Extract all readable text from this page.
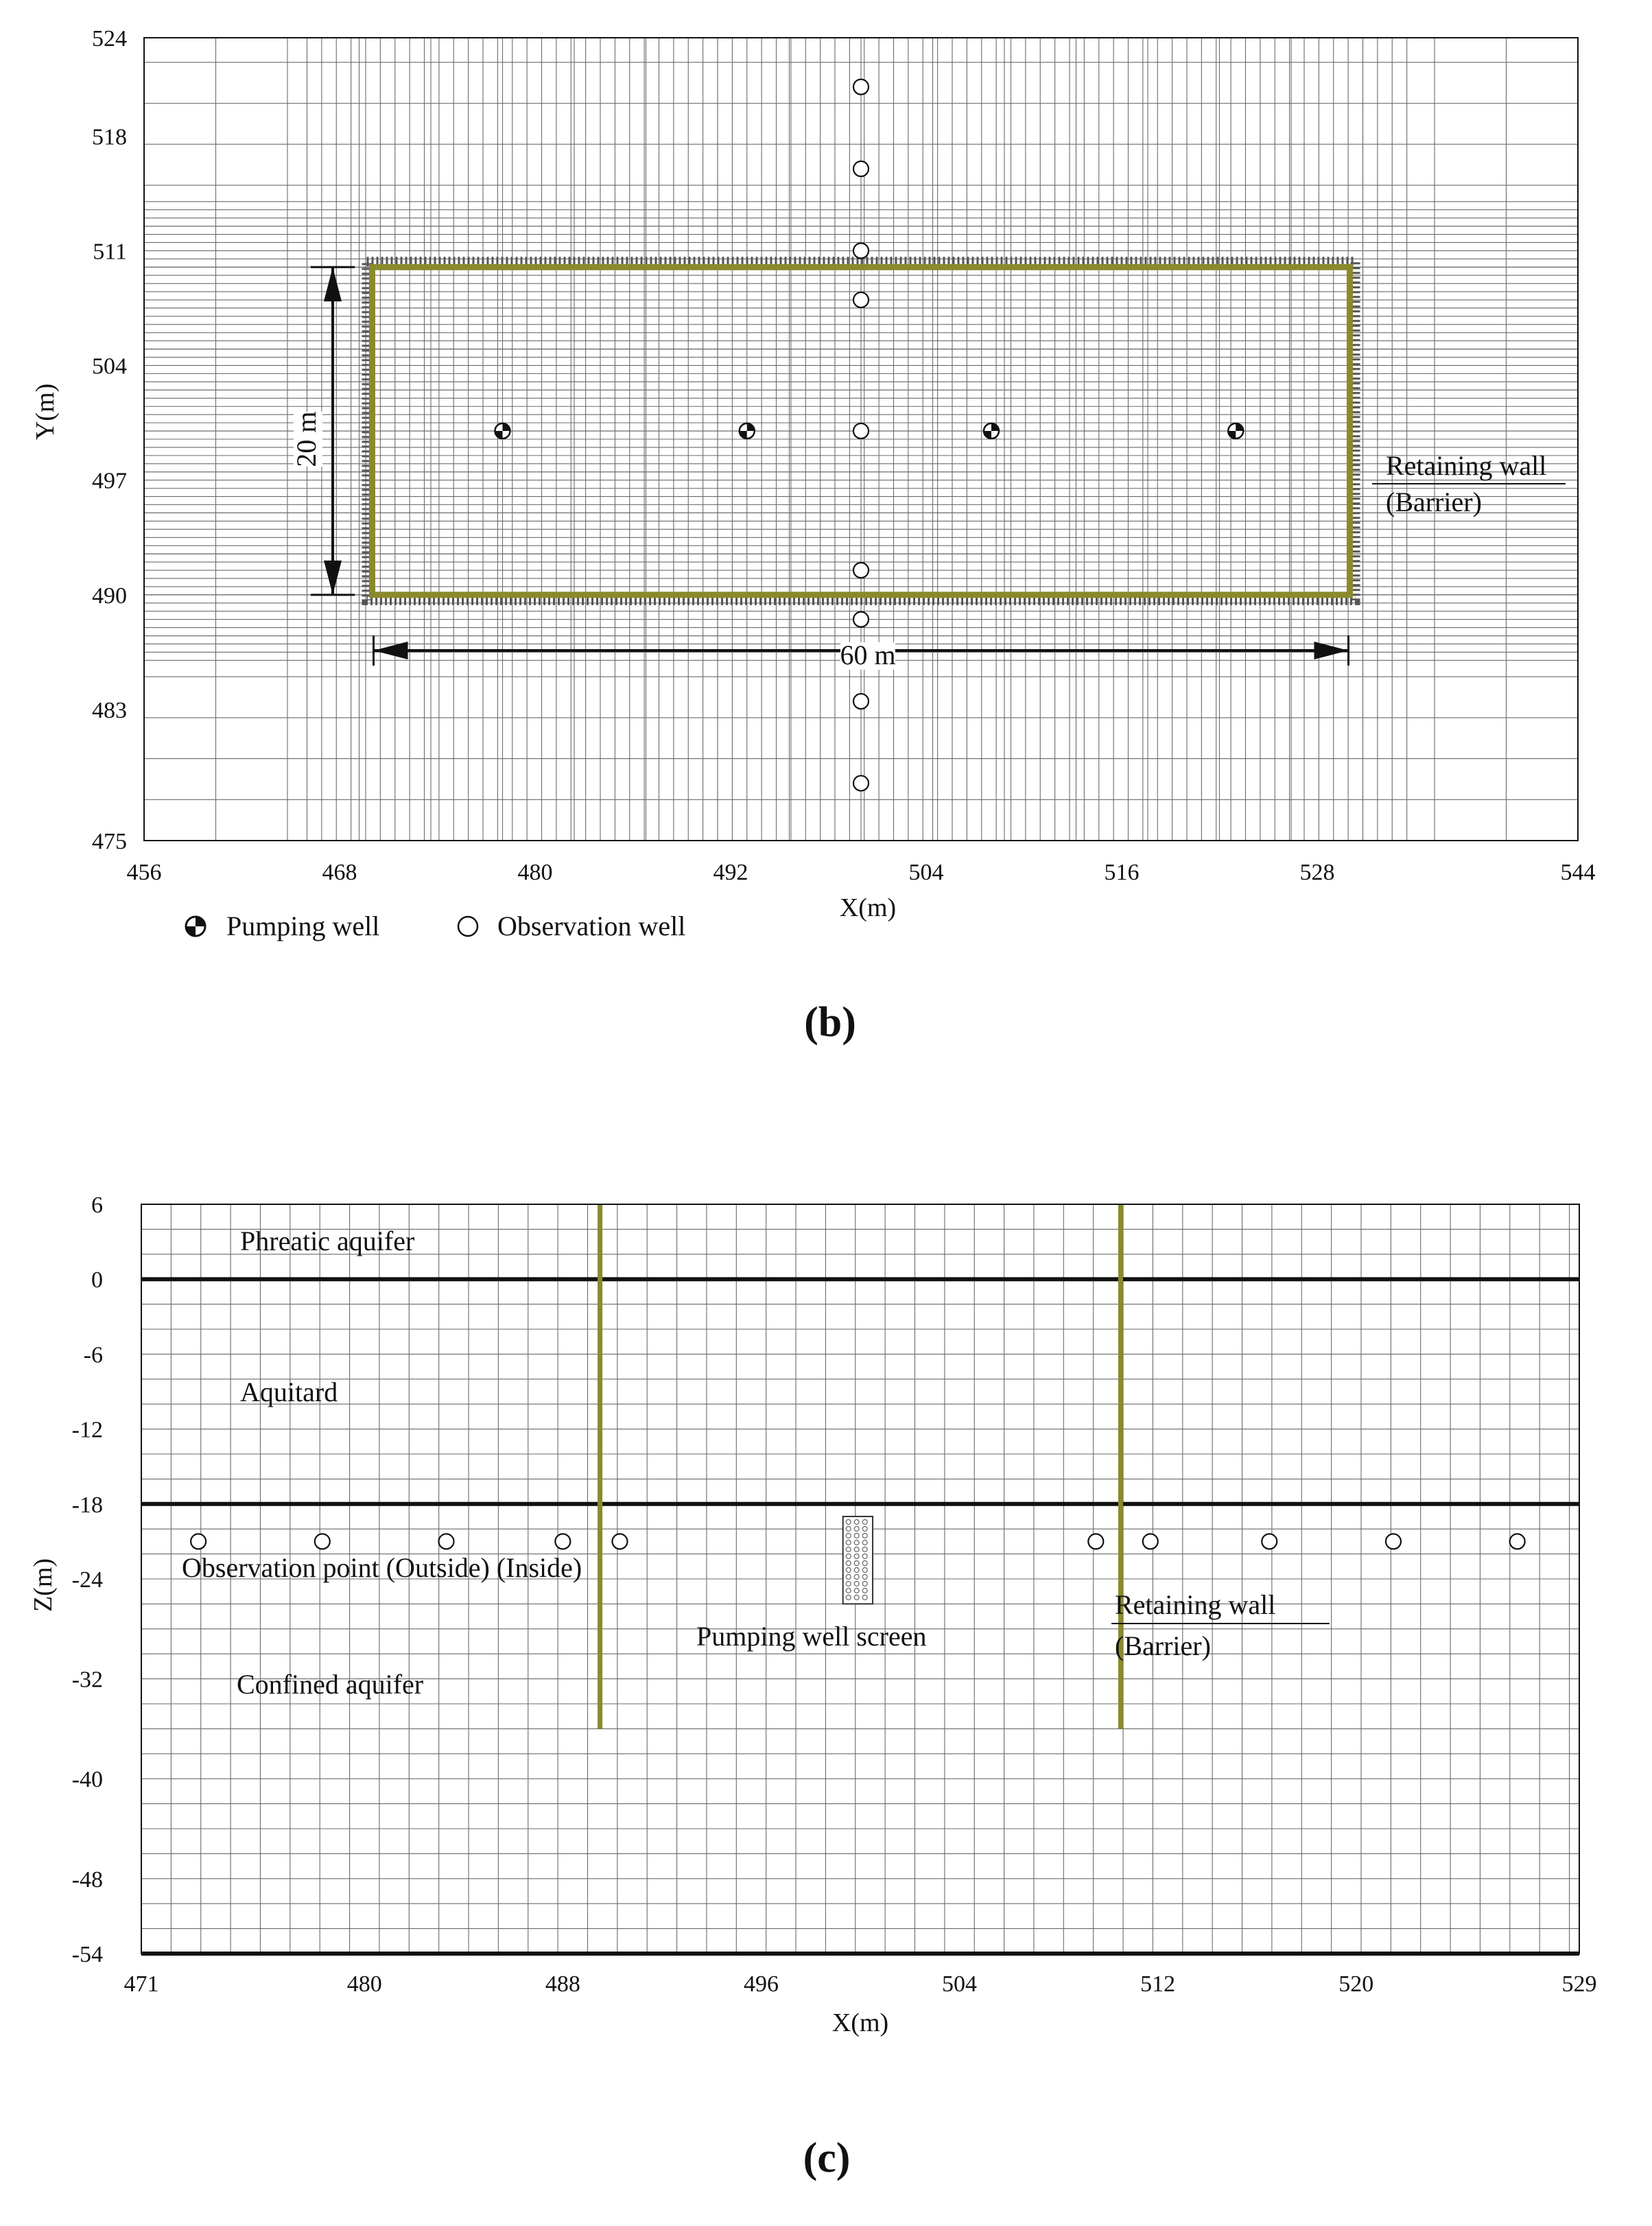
456	468	480	492	504	516	528	544
475
483
490
497
504
511
518
524
X(m)
Y(m)
60 m
20 m	Retaining wall
(Barrier)
Pumping well	Observation well
(b)
471	480	488	496	504	512	520	529
6
0
-6
-12
-18
-24
-32
-40
-48
-54
X(m)
Z(m)
Phreatic aquifer
Aquitard
Observation point (Outside) (Inside)
Pumping well screen
Confined aquifer
Retaining wall
(Barrier)
(c)
